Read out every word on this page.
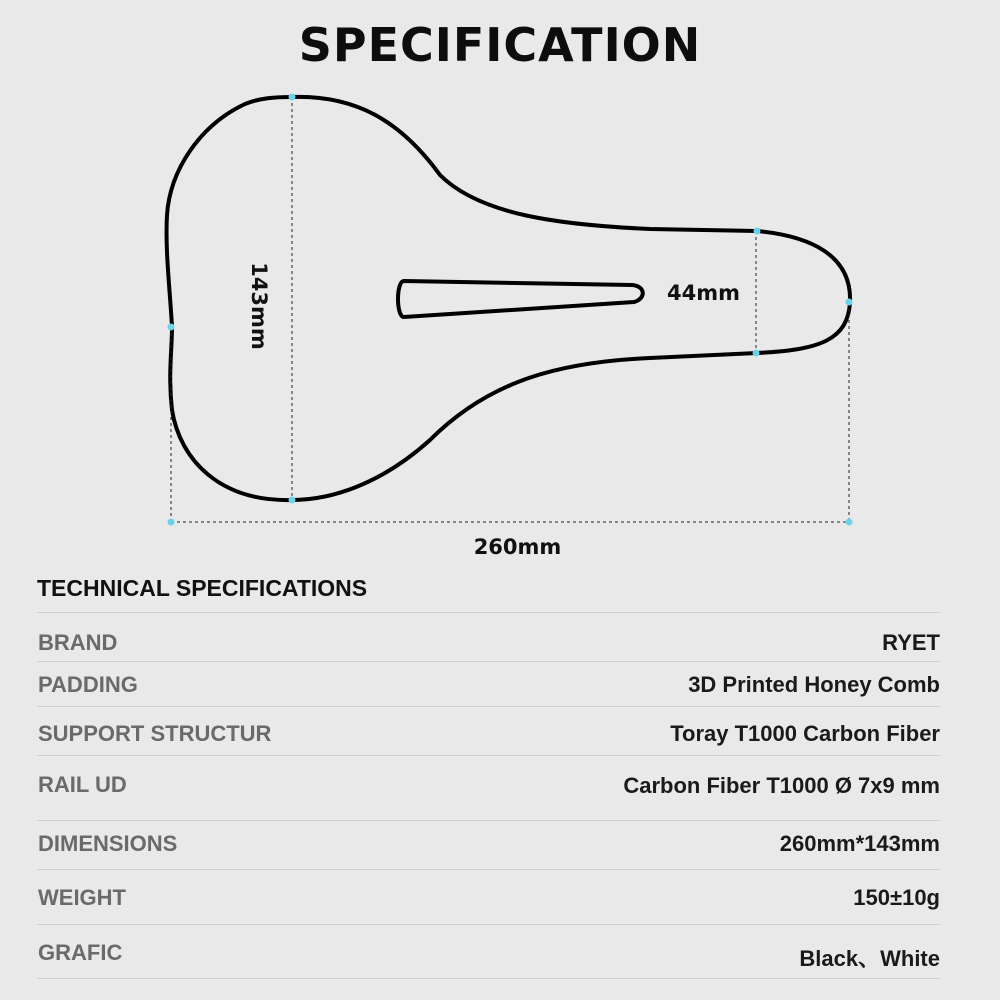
SPECIFICATION
143mm	44mm
260mm
TECHNICAL SPECIFICATIONS
BRAND	RYET
PADDING	3D Printed Honey Comb
SUPPORT STRUCTUR	Toray T1000 Carbon Fiber
RAIL UD	Carbon Fiber T1000 Ø 7x9 mm
DIMENSIONS	260mm*143mm
WEIGHT	150±10g
GRAFIC	Black、White
